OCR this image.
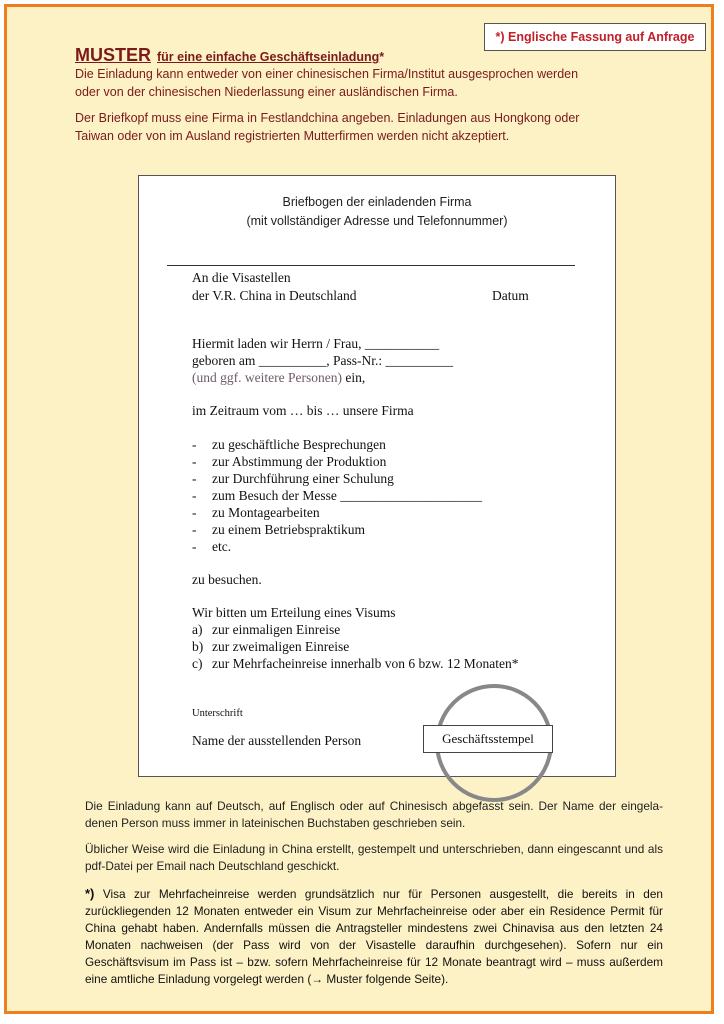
*) Englische Fassung auf Anfrage
MUSTER für eine einfache Geschäftseinladung*
Die Einladung kann entweder von einer chinesischen Firma/Institut ausgesprochen werden
oder von der chinesischen Niederlassung einer ausländischen Firma.
Der Briefkopf muss eine Firma in Festlandchina angeben. Einladungen aus Hongkong oder
Taiwan oder von im Ausland registrierten Mutterfirmen werden nicht akzeptiert.
Briefbogen der einladenden Firma
(mit vollständiger Adresse und Telefonnummer)
An die Visastellen
der V.R. China in Deutschland	Datum
Hiermit laden wir Herrn / Frau, ___________
geboren am __________, Pass-Nr.: __________
(und ggf. weitere Personen) ein,
im Zeitraum vom … bis … unsere Firma
- zu geschäftliche Besprechungen
- zur Abstimmung der Produktion
- zur Durchführung einer Schulung
- zum Besuch der Messe _____________________
- zu Montagearbeiten
- zu einem Betriebspraktikum
- etc.
zu besuchen.
Wir bitten um Erteilung eines Visums
a) zur einmaligen Einreise
b) zur zweimaligen Einreise
c) zur Mehrfacheinreise innerhalb von 6 bzw. 12 Monaten*
Unterschrift
Name der ausstellenden Person	Geschäftsstempel
Die Einladung kann auf Deutsch, auf Englisch oder auf Chinesisch abgefasst sein. Der Name der eingela-denen Person muss immer in lateinischen Buchstaben geschrieben sein.
Üblicher Weise wird die Einladung in China erstellt, gestempelt und unterschrieben, dann eingescannt und als pdf-Datei per Email nach Deutschland geschickt.
*) Visa zur Mehrfacheinreise werden grundsätzlich nur für Personen ausgestellt, die bereits in den zurückliegenden 12 Monaten entweder ein Visum zur Mehrfacheinreise oder aber ein Residence Permit für China gehabt haben. Andernfalls müssen die Antragsteller mindestens zwei Chinavisa aus den letzten 24 Monaten nachweisen (der Pass wird von der Visastelle daraufhin durchgesehen). Sofern nur ein Geschäftsvisum im Pass ist – bzw. sofern Mehrfacheinreise für 12 Monate beantragt wird – muss außerdem eine amtliche Einladung vorgelegt werden (→ Muster folgende Seite).
